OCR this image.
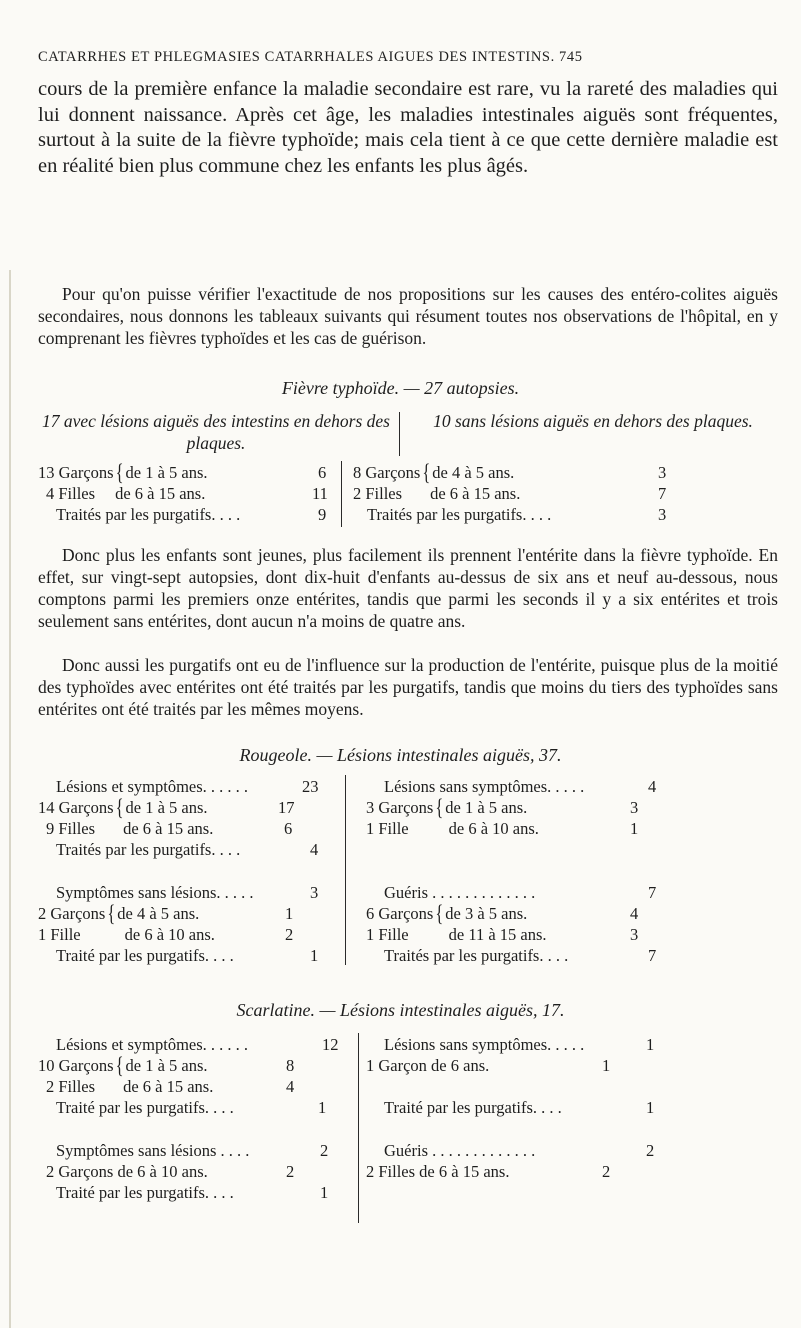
CATARRHES ET PHLEGMASIES CATARRHALES AIGUES DES INTESTINS. 745
cours de la première enfance la maladie secondaire est rare, vu la rareté des maladies qui lui donnent naissance. Après cet âge, les maladies intestinales aiguës sont fréquentes, surtout à la suite de la fièvre typhoïde; mais cela tient à ce que cette dernière maladie est en réalité bien plus commune chez les enfants les plus âgés.
Pour qu'on puisse vérifier l'exactitude de nos propositions sur les causes des entéro-colites aiguës secondaires, nous donnons les tableaux suivants qui résument toutes nos observations de l'hôpital, en y comprenant les fièvres typhoïdes et les cas de guérison.
Fièvre typhoïde. — 27 autopsies.
17 avec lésions aiguës des intestins en dehors des plaques.
10 sans lésions aiguës en dehors des plaques.
13 Garçons { de 1 à 5 ans.	6
4 Filles de 6 à 15 ans.	11
Traités par les purgatifs. . . .	9
8 Garçons { de 4 à 5 ans.	3
2 Filles de 6 à 15 ans.	7
Traités par les purgatifs. . . .	3
Donc plus les enfants sont jeunes, plus facilement ils prennent l'entérite dans la fièvre typhoïde. En effet, sur vingt-sept autopsies, dont dix-huit d'enfants au-dessus de six ans et neuf au-dessous, nous comptons parmi les premiers onze entérites, tandis que parmi les seconds il y a six entérites et trois seulement sans entérites, dont aucun n'a moins de quatre ans.
Donc aussi les purgatifs ont eu de l'influence sur la production de l'entérite, puisque plus de la moitié des typhoïdes avec entérites ont été traités par les purgatifs, tandis que moins du tiers des typhoïdes sans entérites ont été traités par les mêmes moyens.
Rougeole. — Lésions intestinales aiguës, 37.
Lésions et symptômes. . . . . .	23
14 Garçons { de 1 à 5 ans.	17
9 Filles de 6 à 15 ans.	6
Traités par les purgatifs. . . .	4
Symptômes sans lésions. . . . .	3
2 Garçons { de 4 à 5 ans.	1
1 Fille	de 6 à 10 ans.	2
Traité par les purgatifs. . . .	1
Lésions sans symptômes. . . . .	4
3 Garçons { de 1 à 5 ans.	3
1 Fille de 6 à 10 ans.	1
Guéris . . . . . . . . . . . . .	7
6 Garçons { de 3 à 5 ans.	4
1 Fille de 11 à 15 ans.	3
Traités par les purgatifs. . . .	7
Scarlatine. — Lésions intestinales aiguës, 17.
Lésions et symptômes. . . . . .	12
10 Garçons { de 1 à 5 ans.	8
2 Filles de 6 à 15 ans.	4
Traité par les purgatifs. . . .	1
Symptômes sans lésions . . . .	2
2 Garçons de 6 à 10 ans.	2
Traité par les purgatifs. . . .	1
Lésions sans symptômes. . . . .	1
1 Garçon de 6 ans.	1
Traité par les purgatifs. . . .	1
Guéris . . . . . . . . . . . . .	2
2 Filles de 6 à 15 ans.	2
